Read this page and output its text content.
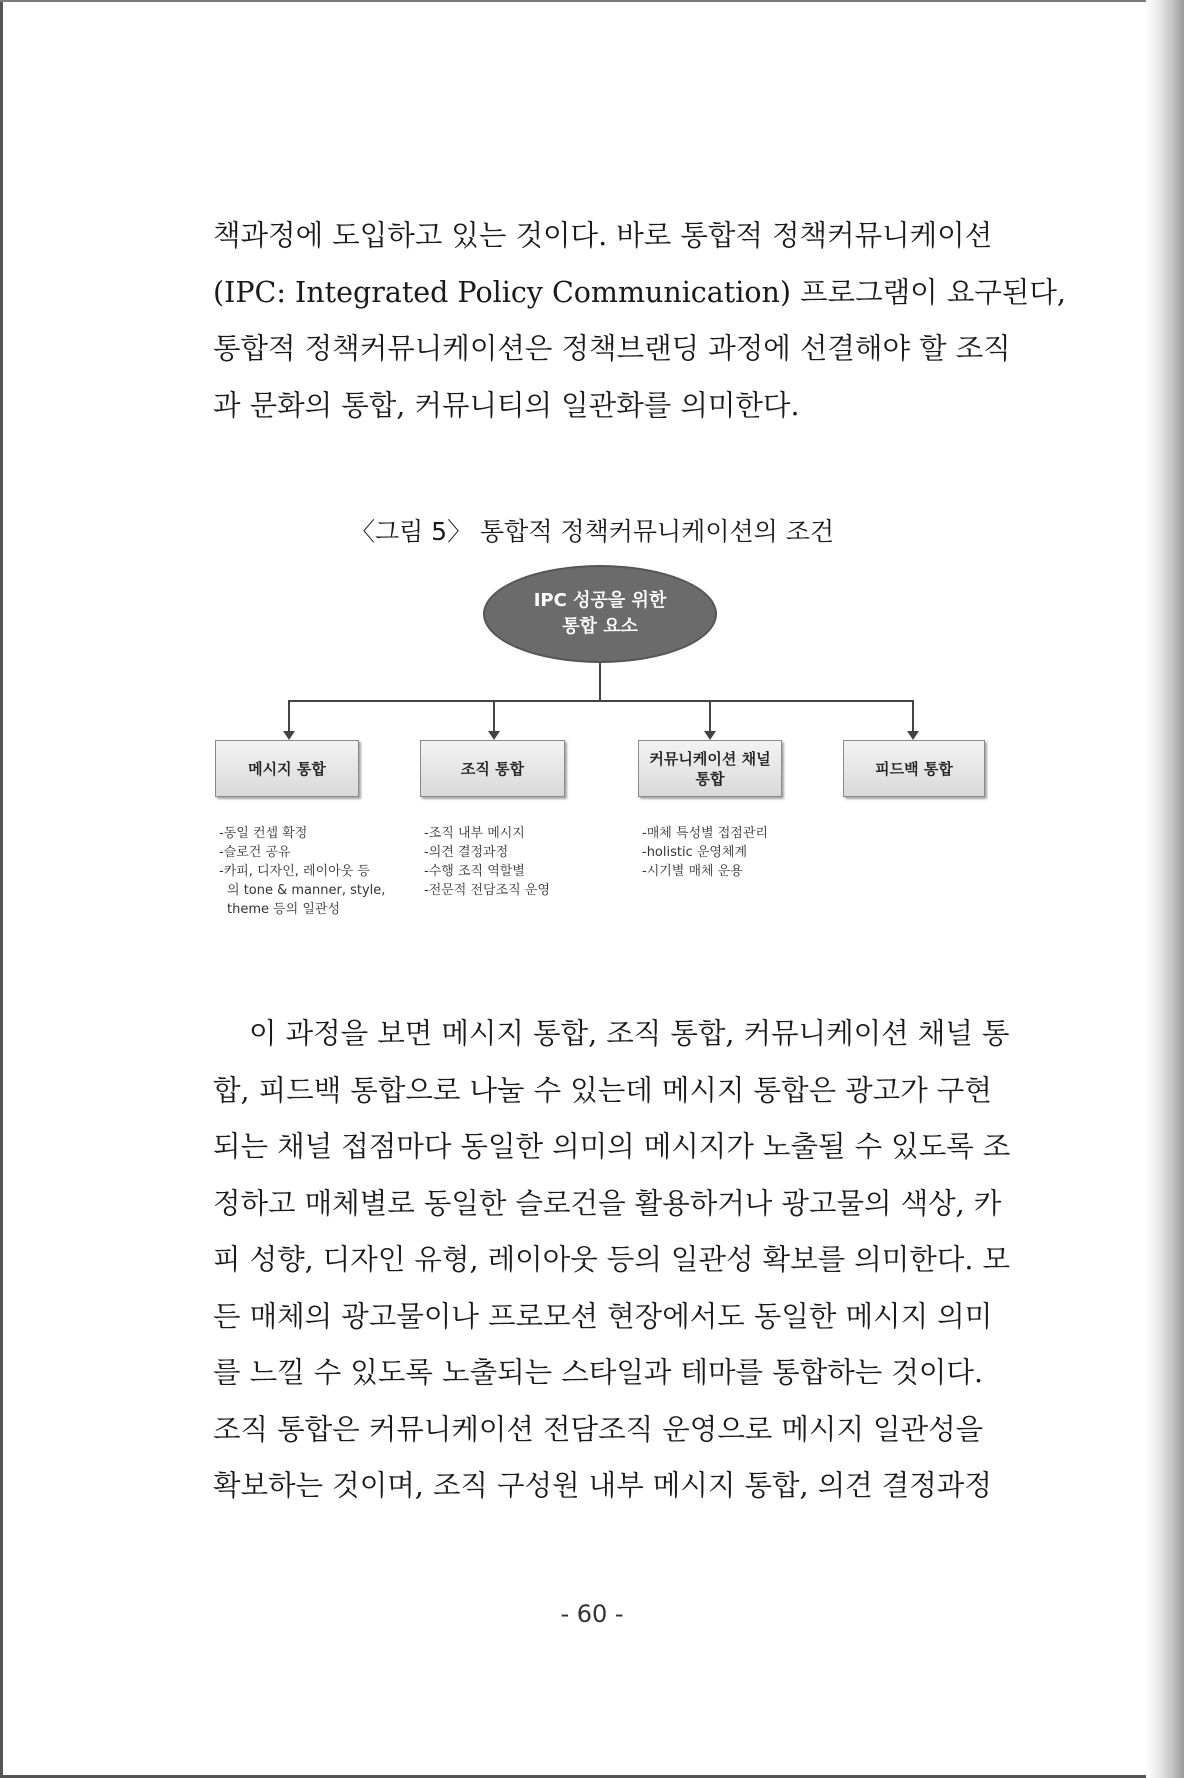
책과정에 도입하고 있는 것이다. 바로 통합적 정책커뮤니케이션
(IPC: Integrated Policy Communication) 프로그램이 요구된다,
통합적 정책커뮤니케이션은 정책브랜딩 과정에 선결해야 할 조직
과 문화의 통합, 커뮤니티의 일관화를 의미한다.
〈그림 5〉 통합적 정책커뮤니케이션의 조건
IPC 성공을 위한
통합 요소
메시지 통합	조직 통합
커뮤니케이션 채널
통합
피드백 통합
-동일 컨셉 확정
-슬로건 공유
-카피, 디자인, 레이아웃 등
의 tone & manner, style,
theme 등의 일관성
-조직 내부 메시지
-의견 결정과정
-수행 조직 역할별
-전문적 전담조직 운영
-매체 특성별 접점관리
-holistic 운영체계
-시기별 매체 운용
이 과정을 보면 메시지 통합, 조직 통합, 커뮤니케이션 채널 통
합, 피드백 통합으로 나눌 수 있는데 메시지 통합은 광고가 구현
되는 채널 접점마다 동일한 의미의 메시지가 노출될 수 있도록 조
정하고 매체별로 동일한 슬로건을 활용하거나 광고물의 색상, 카
피 성향, 디자인 유형, 레이아웃 등의 일관성 확보를 의미한다. 모
든 매체의 광고물이나 프로모션 현장에서도 동일한 메시지 의미
를 느낄 수 있도록 노출되는 스타일과 테마를 통합하는 것이다.
조직 통합은 커뮤니케이션 전담조직 운영으로 메시지 일관성을
확보하는 것이며, 조직 구성원 내부 메시지 통합, 의견 결정과정
- 60 -
